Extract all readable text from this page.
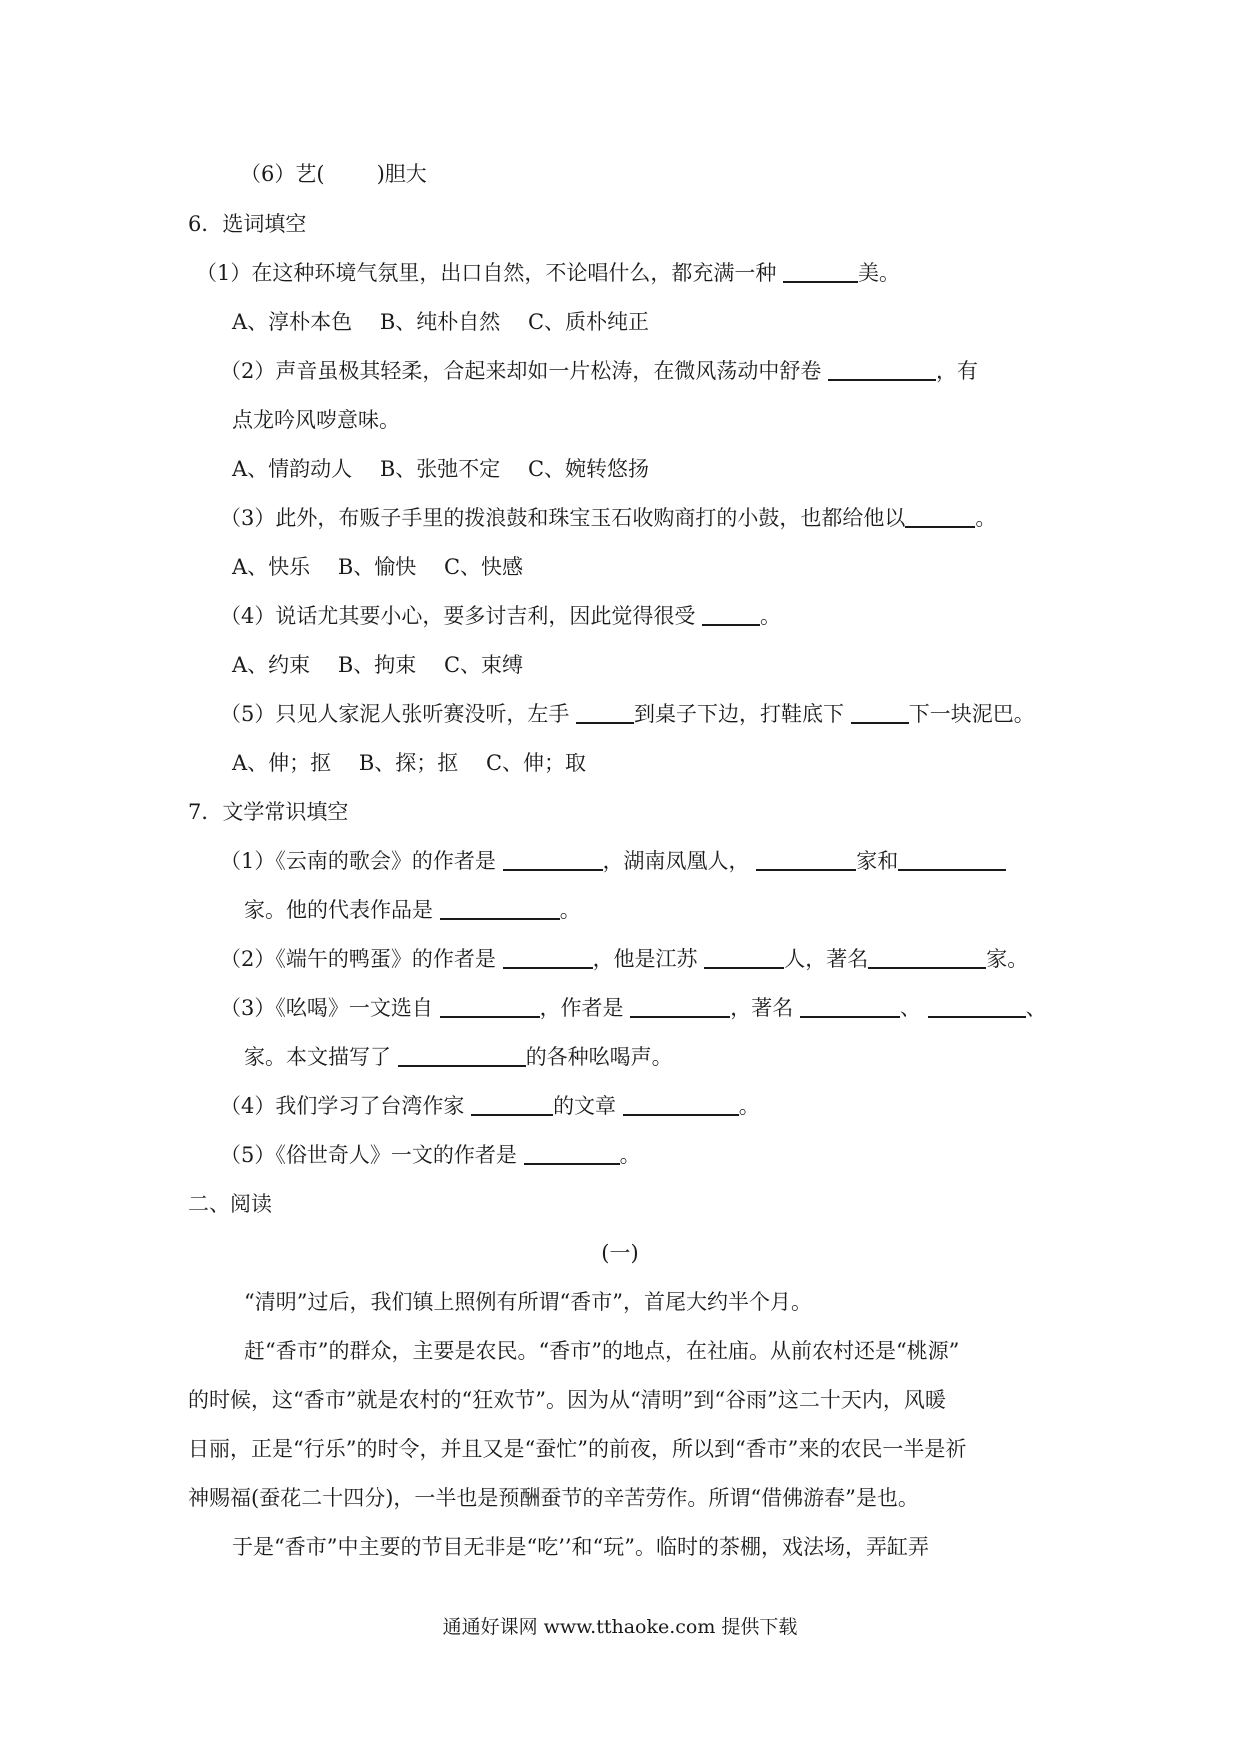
（6）艺( )胆大
6．选词填空
（1）在这种环境气氛里，出口自然，不论唱什么，都充满一种	美。
A、淳朴本色　 B、纯朴自然　 C、质朴纯正
（2）声音虽极其轻柔，合起来却如一片松涛，在微风荡动中舒卷	，有
点龙吟风哕意味。
A、情韵动人　 B、张弛不定　 C、婉转悠扬
（3）此外，布贩子手里的拨浪鼓和珠宝玉石收购商打的小鼓，也都给他以	。
A、快乐　 B、愉快　 C、快感
（4）说话尤其要小心，要多讨吉利，因此觉得很受	。
A、约束　 B、拘束　 C、束缚
（5）只见人家泥人张听赛没听，左手	到桌子下边，打鞋底下	下一块泥巴。
A、伸；抠　 B、探；抠　 C、伸；取
7．文学常识填空
（1）《云南的歌会》的作者是	，湖南凤凰人，	家和
家。他的代表作品是	。
（2）《端午的鸭蛋》的作者是	，他是江苏	人，著名	家。
（3）《吆喝》一文选自	，作者是	，著名	、	、
家。本文描写了	的各种吆喝声。
（4）我们学习了台湾作家	的文章	。
（5）《俗世奇人》一文的作者是	。
二、阅读
(一)
“清明”过后，我们镇上照例有所谓“香市”，首尾大约半个月。
赶“香市”的群众，主要是农民。“香市”的地点，在社庙。从前农村还是“桃源”
的时候，这“香市”就是农村的“狂欢节”。因为从“清明”到“谷雨”这二十天内，风暖
日丽，正是“行乐”的时令，并且又是“蚕忙”的前夜，所以到“香市”来的农民一半是祈
神赐福(蚕花二十四分)，一半也是预酬蚕节的辛苦劳作。所谓“借佛游春”是也。
于是“香市”中主要的节目无非是“吃’’和“玩”。临时的茶棚，戏法场，弄缸弄
通通好课网 www.tthaoke.com 提供下载
